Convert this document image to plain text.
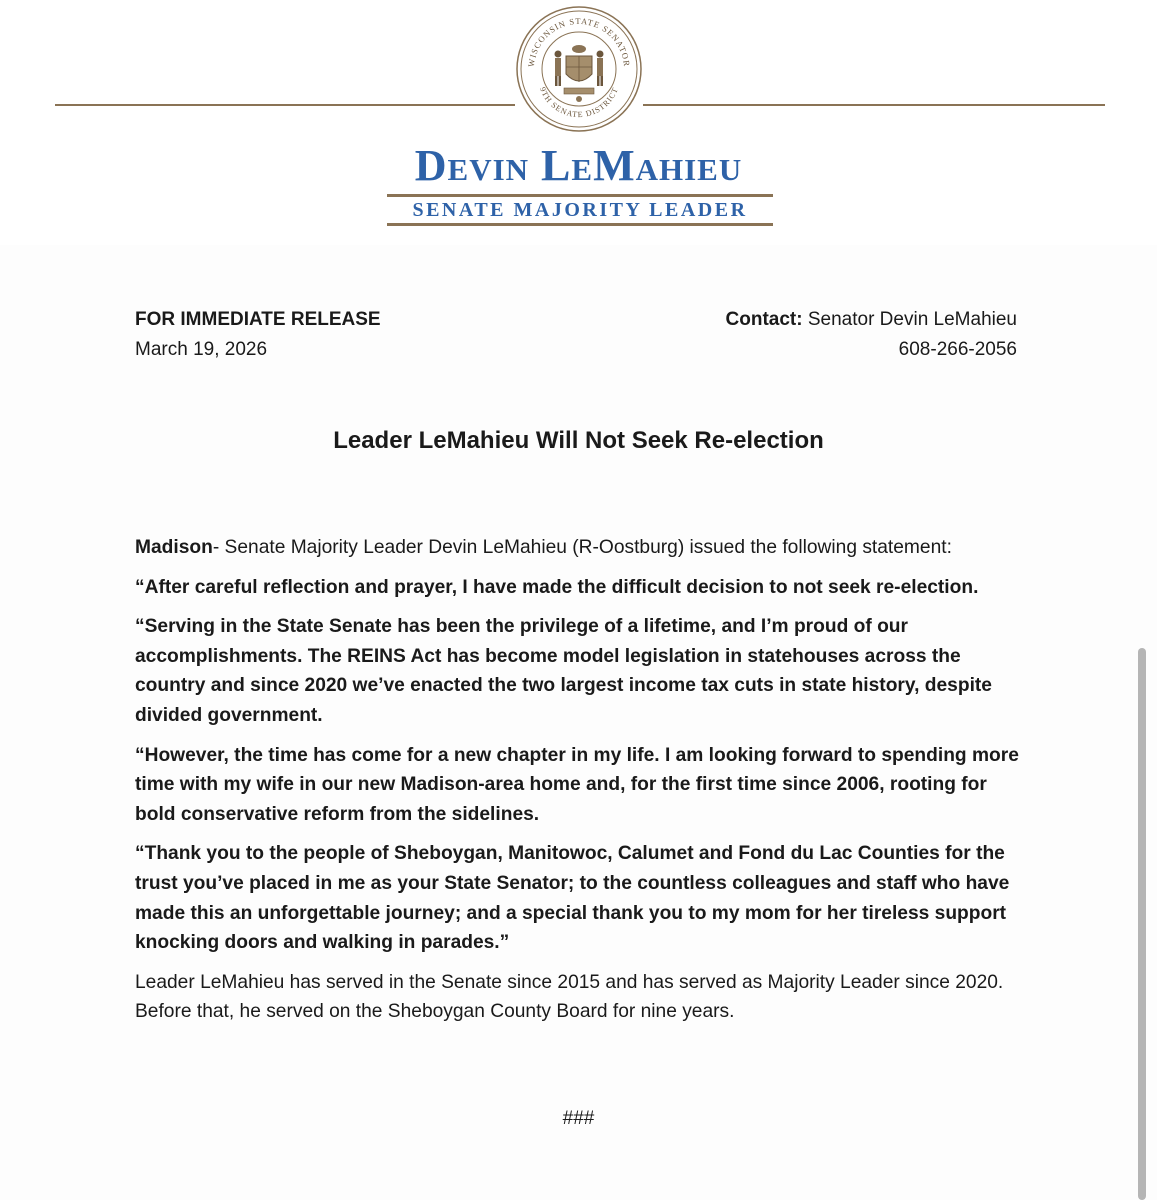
WISCONSIN STATE SENATOR
9TH SENATE DISTRICT
Devin LeMahieu
SENATE MAJORITY LEADER
FOR IMMEDIATE RELEASE
March 19, 2026
Contact: Senator Devin LeMahieu
608-266-2056
Leader LeMahieu Will Not Seek Re-election

Madison- Senate Majority Leader Devin LeMahieu (R-Oostburg) issued the following statement:

“After careful reflection and prayer, I have made the difficult decision to not seek re-election.

“Serving in the State Senate has been the privilege of a lifetime, and I’m proud of our accomplishments. The REINS Act has become model legislation in statehouses across the country and since 2020 we’ve enacted the two largest income tax cuts in state history, despite divided government.

“However, the time has come for a new chapter in my life. I am looking forward to spending more time with my wife in our new Madison-area home and, for the first time since 2006, rooting for bold conservative reform from the sidelines.

“Thank you to the people of Sheboygan, Manitowoc, Calumet and Fond du Lac Counties for the trust you’ve placed in me as your State Senator; to the countless colleagues and staff who have made this an unforgettable journey; and a special thank you to my mom for her tireless support knocking doors and walking in parades.”

Leader LeMahieu has served in the Senate since 2015 and has served as Majority Leader since 2020. Before that, he served on the Sheboygan County Board for nine years.

###
